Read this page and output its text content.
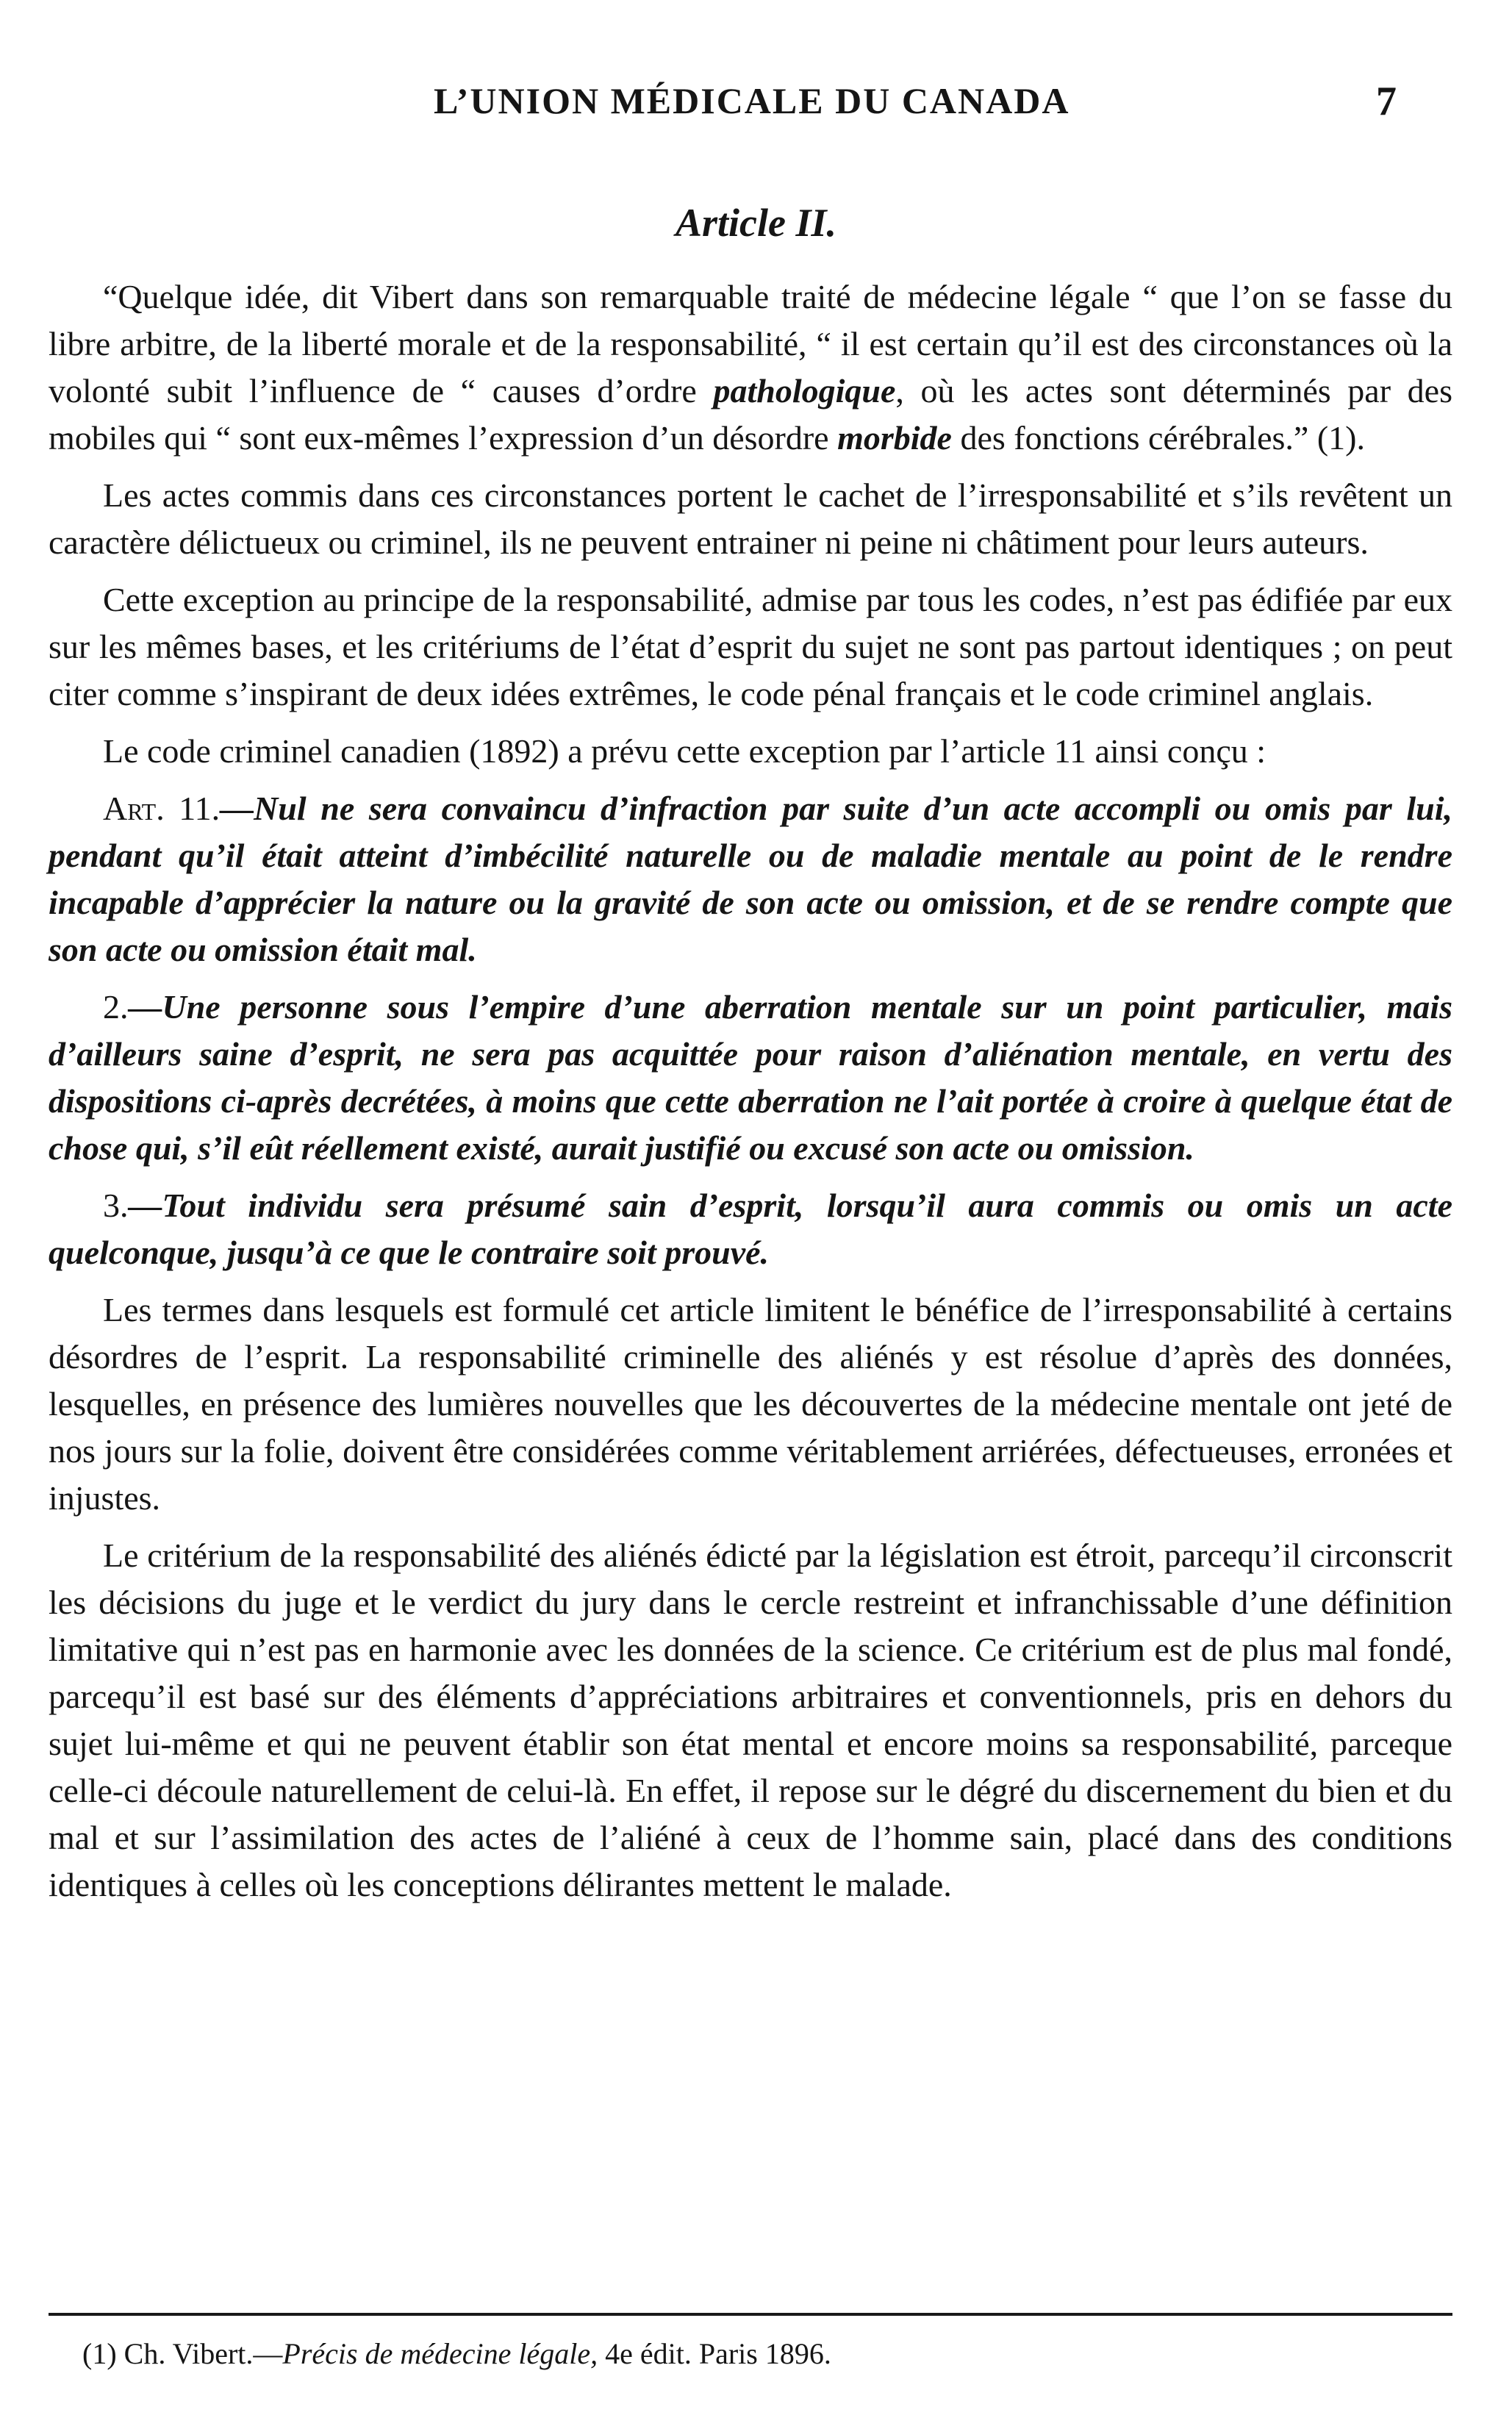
L’UNION MÉDICALE DU CANADA	7
Article II.

“Quelque idée, dit Vibert dans son remarquable traité de médecine légale “ que l’on se fasse du libre arbitre, de la liberté morale et de la responsabilité, “ il est certain qu’il est des circonstances où la volonté subit l’influence de “ causes d’ordre pathologique, où les actes sont déterminés par des mobiles qui “ sont eux-mêmes l’expression d’un désordre morbide des fonctions cérébrales.” (1).

Les actes commis dans ces circonstances portent le cachet de l’irresponsabilité et s’ils revêtent un caractère délictueux ou criminel, ils ne peuvent entrainer ni peine ni châtiment pour leurs auteurs.

Cette exception au principe de la responsabilité, admise par tous les codes, n’est pas édifiée par eux sur les mêmes bases, et les critériums de l’état d’esprit du sujet ne sont pas partout identiques ; on peut citer comme s’inspirant de deux idées extrêmes, le code pénal français et le code criminel anglais.

Le code criminel canadien (1892) a prévu cette exception par l’article 11 ainsi conçu :

Art. 11.—Nul ne sera convaincu d’infraction par suite d’un acte accompli ou omis par lui, pendant qu’il était atteint d’imbécilité naturelle ou de maladie mentale au point de le rendre incapable d’apprécier la nature ou la gravité de son acte ou omission, et de se rendre compte que son acte ou omission était mal.

2.—Une personne sous l’empire d’une aberration mentale sur un point particulier, mais d’ailleurs saine d’esprit, ne sera pas acquittée pour raison d’aliénation mentale, en vertu des dispositions ci-après decrétées, à moins que cette aberration ne l’ait portée à croire à quelque état de chose qui, s’il eût réellement existé, aurait justifié ou excusé son acte ou omission.

3.—Tout individu sera présumé sain d’esprit, lorsqu’il aura commis ou omis un acte quelconque, jusqu’à ce que le contraire soit prouvé.

Les termes dans lesquels est formulé cet article limitent le bénéfice de l’irresponsabilité à certains désordres de l’esprit. La responsabilité criminelle des aliénés y est résolue d’après des données, lesquelles, en présence des lumières nouvelles que les découvertes de la médecine mentale ont jeté de nos jours sur la folie, doivent être considérées comme véritablement arriérées, défectueuses, erronées et injustes.

Le critérium de la responsabilité des aliénés édicté par la législation est étroit, parcequ’il circonscrit les décisions du juge et le verdict du jury dans le cercle restreint et infranchissable d’une définition limitative qui n’est pas en harmonie avec les données de la science. Ce critérium est de plus mal fondé, parcequ’il est basé sur des éléments d’appréciations arbitraires et conventionnels, pris en dehors du sujet lui-même et qui ne peuvent établir son état mental et encore moins sa responsabilité, parceque celle-ci découle naturellement de celui-là. En effet, il repose sur le dégré du discernement du bien et du mal et sur l’assimilation des actes de l’aliéné à ceux de l’homme sain, placé dans des conditions identiques à celles où les conceptions délirantes mettent le malade.

(1) Ch. Vibert.—Précis de médecine légale, 4e édit. Paris 1896.
